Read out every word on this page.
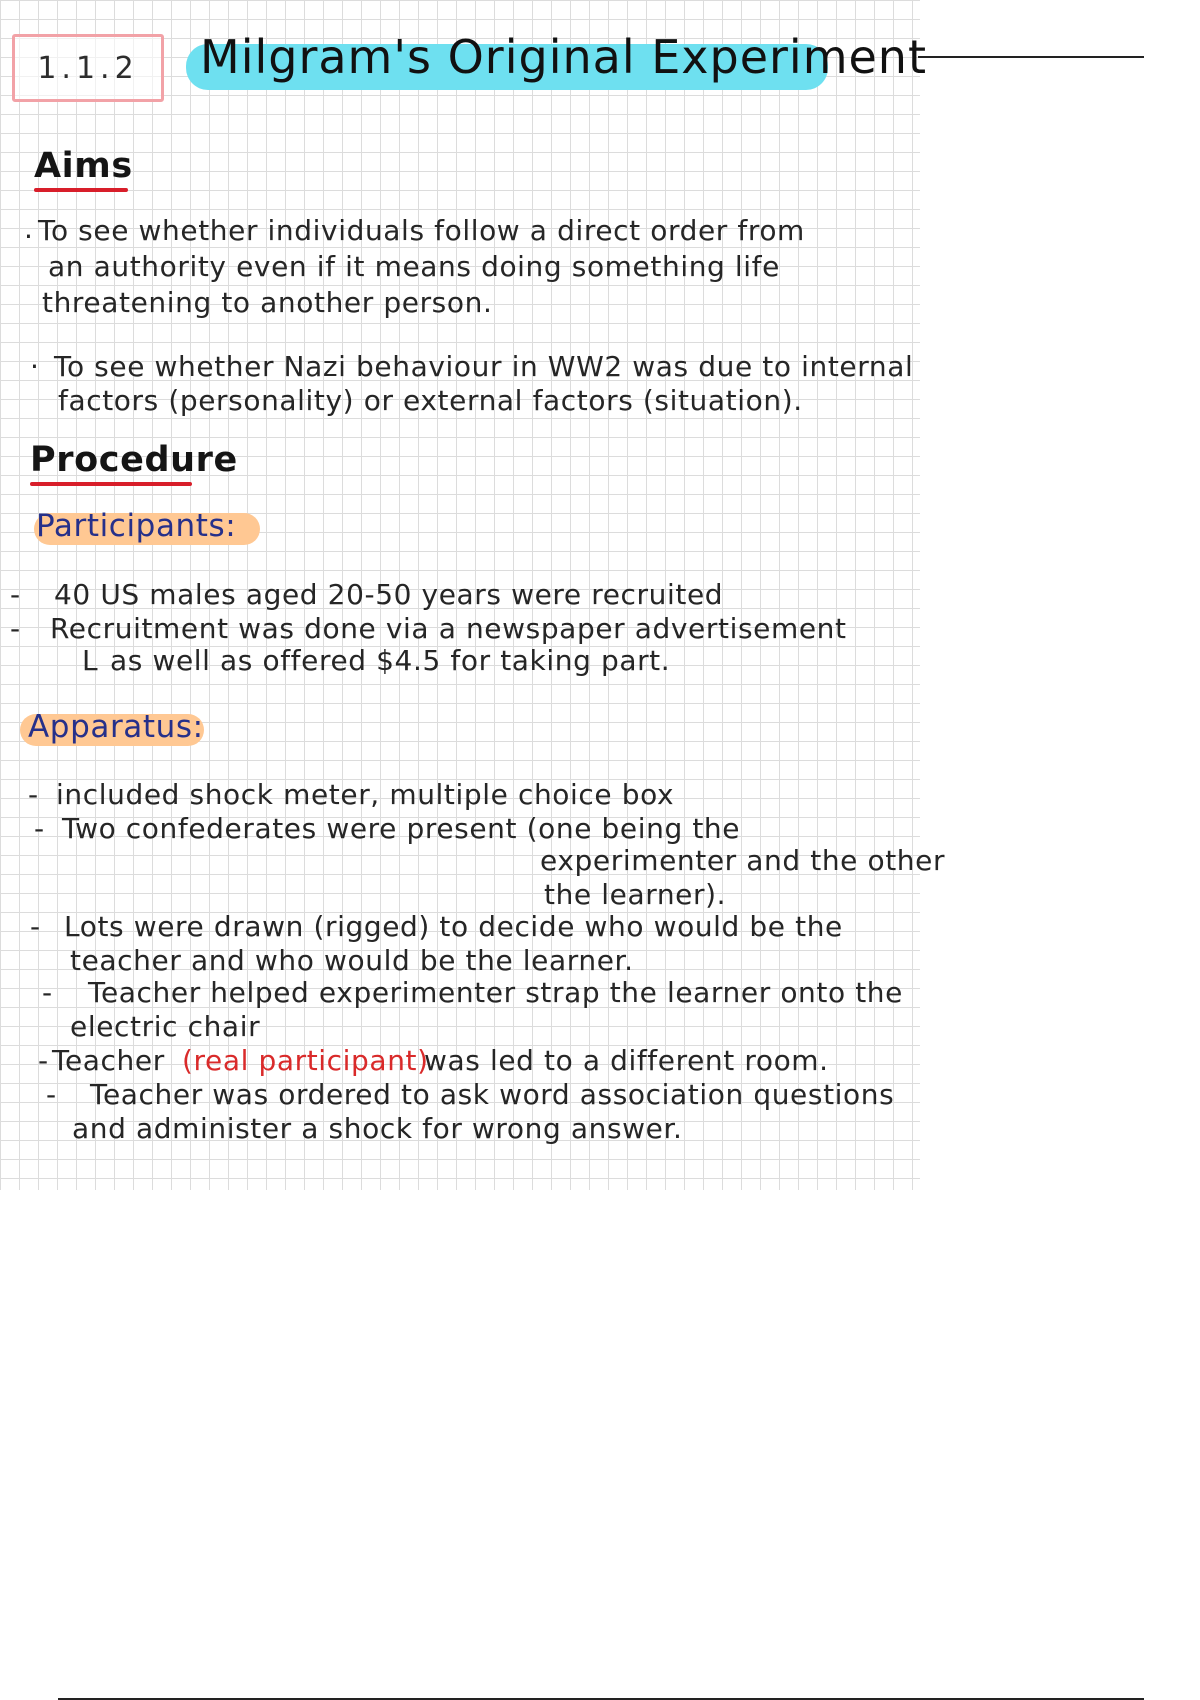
1.1.2 Milgram's Original Experiment
Aims
. To see whether individuals follow a direct order from
an authority even if it means doing something life
threatening to another person.
· To see whether Nazi behaviour in WW2 was due to internal
factors (personality) or external factors (situation).
Procedure
Participants:
- 40 US males aged 20-50 years were recruited
- Recruitment was done via a newspaper advertisement
L as well as offered $4.5 for taking part.
Apparatus:
- included shock meter, multiple choice box
- Two confederates were present (one being the
experimenter and the other
the learner).
- Lots were drawn (rigged) to decide who would be the
teacher and who would be the learner.
- Teacher helped experimenter strap the learner onto the
electric chair
- Teacher (real participant)
was led to a different room.
- Teacher was ordered to ask word association questions
and administer a shock for wrong answer.
